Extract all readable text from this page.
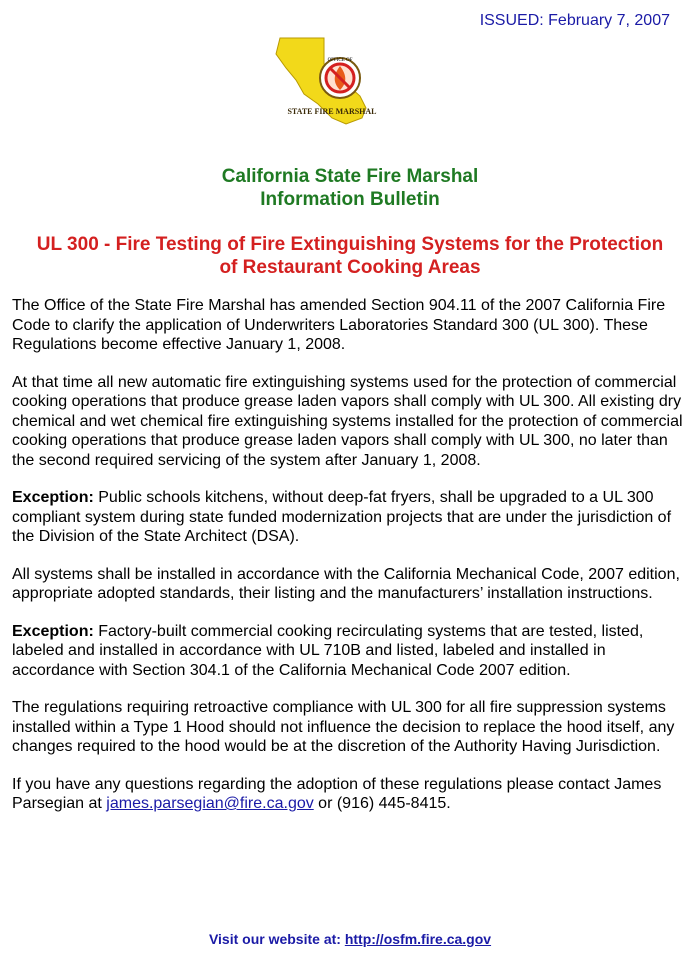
ISSUED: February 7, 2007
OFFICE OF
STATE FIRE MARSHAL
California State Fire Marshal
Information Bulletin
UL 300 - Fire Testing of Fire Extinguishing Systems for the Protection
of Restaurant Cooking Areas

The Office of the State Fire Marshal has amended Section 904.11 of the 2007 California Fire Code to clarify the application of Underwriters Laboratories Standard 300 (UL 300). These Regulations become effective January 1, 2008.

At that time all new automatic fire extinguishing systems used for the protection of commercial cooking operations that produce grease laden vapors shall comply with UL 300. All existing dry chemical and wet chemical fire extinguishing systems installed for the protection of commercial cooking operations that produce grease laden vapors shall comply with UL 300, no later than the second required servicing of the system after January 1, 2008.

Exception: Public schools kitchens, without deep-fat fryers, shall be upgraded to a UL 300 compliant system during state funded modernization projects that are under the jurisdiction of the Division of the State Architect (DSA).

All systems shall be installed in accordance with the California Mechanical Code, 2007 edition, appropriate adopted standards, their listing and the manufacturers’ installation instructions.

Exception: Factory-built commercial cooking recirculating systems that are tested, listed, labeled and installed in accordance with UL 710B and listed, labeled and installed in accordance with Section 304.1 of the California Mechanical Code 2007 edition.

The regulations requiring retroactive compliance with UL 300 for all fire suppression systems installed within a Type 1 Hood should not influence the decision to replace the hood itself, any changes required to the hood would be at the discretion of the Authority Having Jurisdiction.

If you have any questions regarding the adoption of these regulations please contact James Parsegian at james.parsegian@fire.ca.gov or (916) 445-8415.

Visit our website at: http://osfm.fire.ca.gov
